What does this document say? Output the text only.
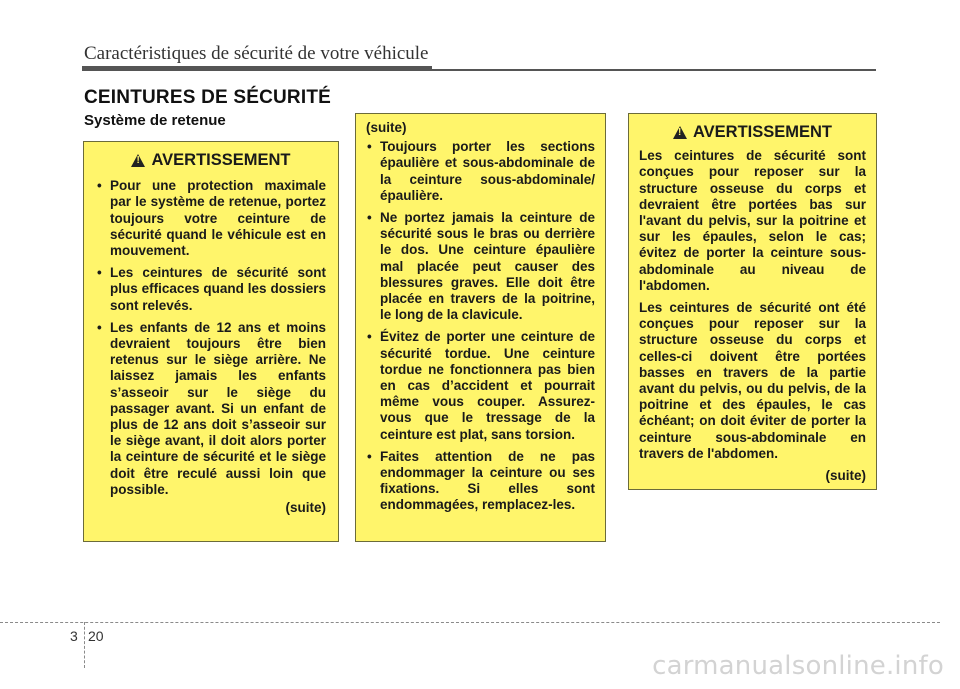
Caractéristiques de sécurité de votre véhicule
CEINTURES DE SÉCURITÉ
Système de retenue
!
AVERTISSEMENT
• Pour une protection maximale par le système de retenue, portez toujours votre ceinture de sécurité quand le véhicule est en mouvement.
• Les ceintures de sécurité sont plus efficaces quand les dossiers sont relevés.
• Les enfants de 12 ans et moins devraient toujours être bien retenus sur le siège arrière. Ne laissez jamais les enfants s’asseoir sur le siège du passager avant. Si un enfant de plus de 12 ans doit s’asseoir sur le siège avant, il doit alors porter la ceinture de sécurité et le siège doit être reculé aussi loin que possible.
(suite)
(suite)
• Toujours porter les sections épaulière et sous-abdominale de la ceinture sous-abdominale/épaulière.
• Ne portez jamais la ceinture de sécurité sous le bras ou derrière le dos. Une ceinture épaulière mal placée peut causer des blessures graves. Elle doit être placée en travers de la poitrine, le long de la clavicule.
• Évitez de porter une ceinture de sécurité tordue. Une ceinture tordue ne fonctionnera pas bien en cas d’accident et pourrait même vous couper. Assurez-vous que le tressage de la ceinture est plat, sans torsion.
• Faites attention de ne pas endommager la ceinture ou ses fixations. Si elles sont endommagées, remplacez-les.
!
AVERTISSEMENT

Les ceintures de sécurité sont conçues pour reposer sur la structure osseuse du corps et devraient être portées bas sur l'avant du pelvis, sur la poitrine et sur les épaules, selon le cas; évitez de porter la ceinture sous-abdominale au niveau de l'abdomen.

Les ceintures de sécurité ont été conçues pour reposer sur la structure osseuse du corps et celles-ci doivent être portées basses en travers de la partie avant du pelvis, ou du pelvis, de la poitrine et des épaules, le cas échéant; on doit éviter de porter la ceinture sous-abdominale en travers de l'abdomen.

(suite)
3 20
carmanualsonline.info
